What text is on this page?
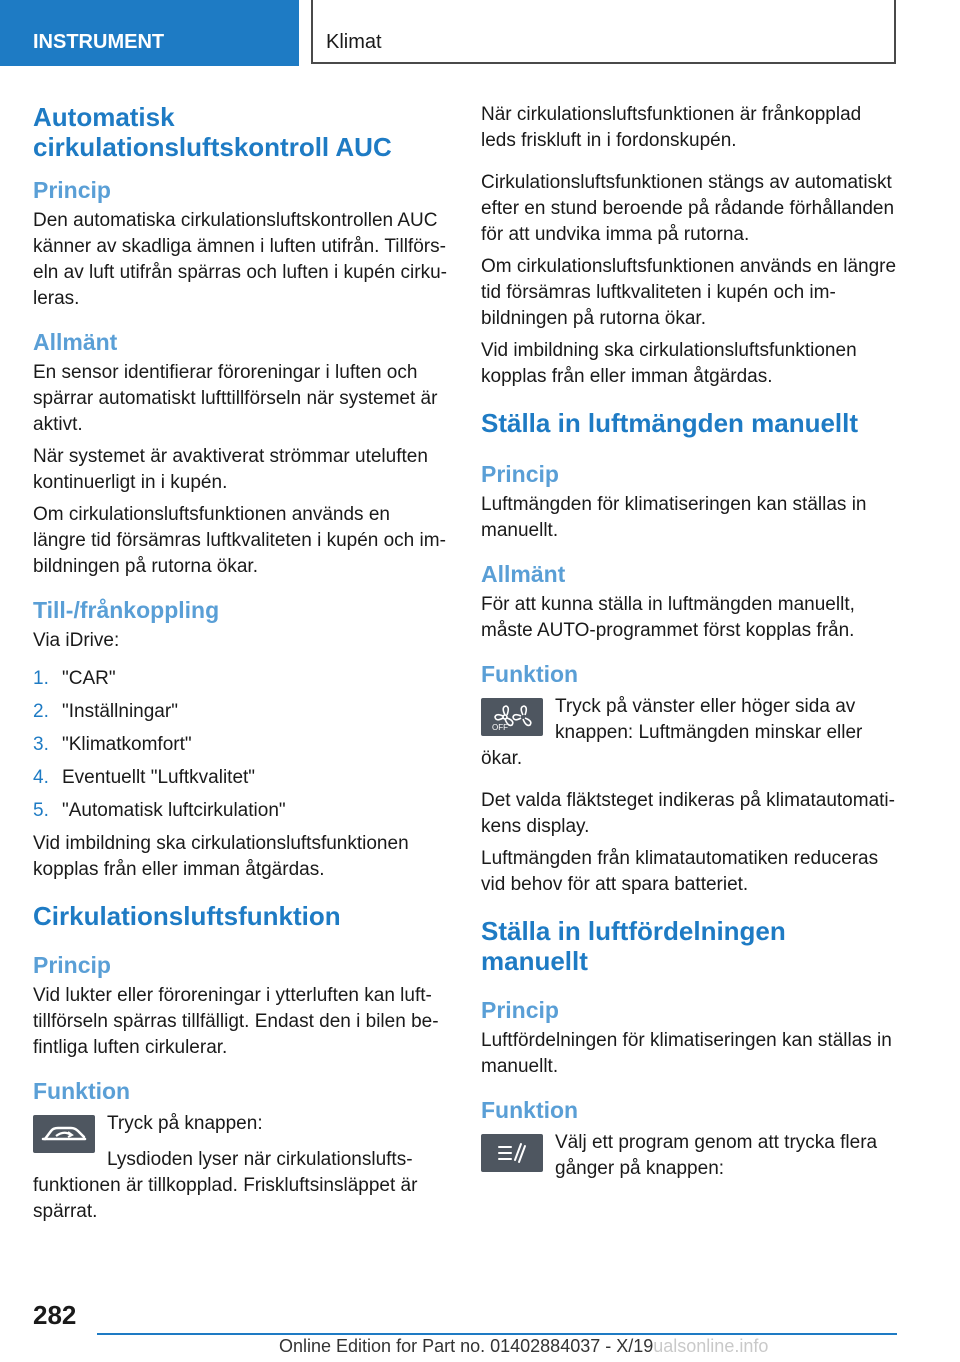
INSTRUMENT	Klimat
Automatisk cirkulationsluftskontroll AUC
Princip

Den automatiska cirkulationsluftskontrollen AUC känner av skadliga ämnen i luften utifrån. Tillförseln av luft utifrån spärras och luften i kupén cirkuleras.

Allmänt

En sensor identifierar föroreningar i luften och spärrar automatiskt lufttillförseln när systemet är aktivt.

När systemet är avaktiverat strömmar uteluften kontinuerligt in i kupén.

Om cirkulationsluftsfunktionen används en längre tid försämras luftkvaliteten i kupén och imbildningen på rutorna ökar.

Till-/frånkoppling

Via iDrive:

1. "CAR"
2. "Inställningar"
3. "Klimatkomfort"
4. Eventuellt "Luftkvalitet"
5. "Automatisk luftcirkulation"

Vid imbildning ska cirkulationsluftsfunktionen kopplas från eller imman åtgärdas.

Cirkulationsluftsfunktion
Princip

Vid lukter eller föroreningar i ytterluften kan lufttillförseln spärras tillfälligt. Endast den i bilen befintliga luften cirkulerar.

Funktion

Tryck på knappen:

Lysdioden lyser när cirkulationsluftsfunktionen är tillkopplad. Friskluftsinsläppet är spärrat.

När cirkulationsluftsfunktionen är frånkopplad leds friskluft in i fordonskupén.

Cirkulationsluftsfunktionen stängs av automatiskt efter en stund beroende på rådande förhållanden för att undvika imma på rutorna.

Om cirkulationsluftsfunktionen används en längre tid försämras luftkvaliteten i kupén och imbildningen på rutorna ökar.

Vid imbildning ska cirkulationsluftsfunktionen kopplas från eller imman åtgärdas.

Ställa in luftmängden manuellt
Princip

Luftmängden för klimatiseringen kan ställas in manuellt.

Allmänt

För att kunna ställa in luftmängden manuellt, måste AUTO-programmet först kopplas från.

Funktion
OFF

Tryck på vänster eller höger sida av knappen: Luftmängden minskar eller ökar.

Det valda fläktsteget indikeras på klimatautomatikens display.

Luftmängden från klimatautomatiken reduceras vid behov för att spara batteriet.

Ställa in luftfördelningen manuellt
Princip

Luftfördelningen för klimatiseringen kan ställas in manuellt.

Funktion

Välj ett program genom att trycka flera gånger på knappen:

282
Online Edition for Part no. 01402884037 - X/19ualsonline.info
